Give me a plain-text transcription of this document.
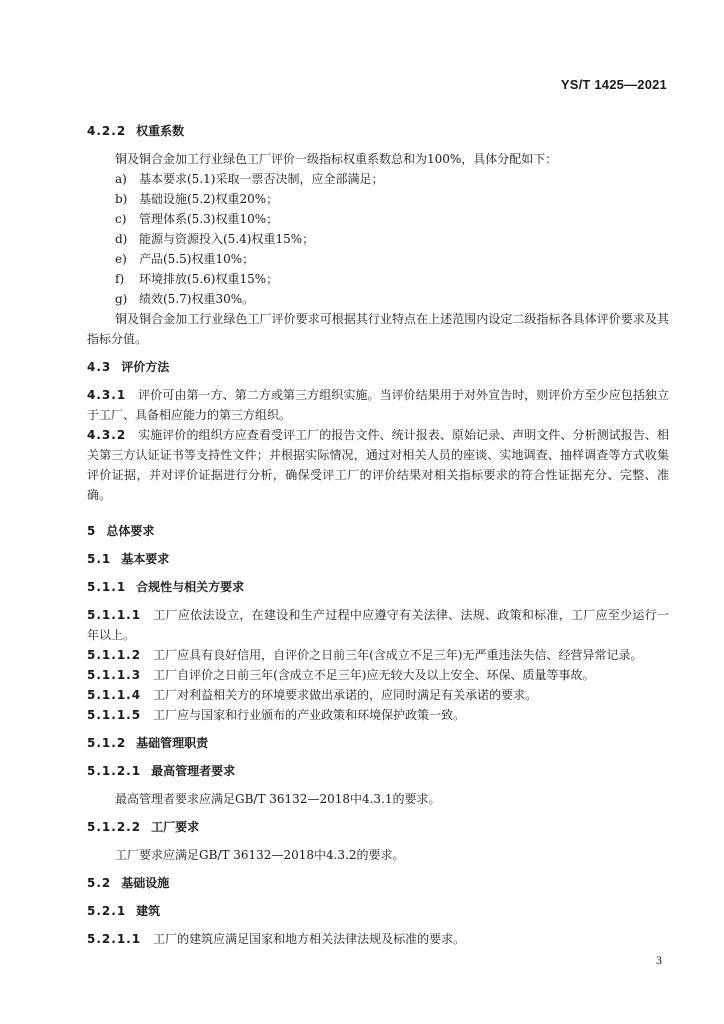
YS/T 1425—2021
4.2.2 权重系数

铜及铜合金加工行业绿色工厂评价一级指标权重系数总和为100%，具体分配如下：

a) 基本要求(5.1)采取一票否决制，应全部满足；
b) 基础设施(5.2)权重20%；
c) 管理体系(5.3)权重10%；
d) 能源与资源投入(5.4)权重15%；
e) 产品(5.5)权重10%；
f) 环境排放(5.6)权重15%；
g) 绩效(5.7)权重30%。

铜及铜合金加工行业绿色工厂评价要求可根据其行业特点在上述范围内设定二级指标各具体评价要求及其指标分值。

4.3 评价方法

4.3.1 评价可由第一方、第二方或第三方组织实施。当评价结果用于对外宣告时，则评价方至少应包括独立于工厂、具备相应能力的第三方组织。

4.3.2 实施评价的组织方应查看受评工厂的报告文件、统计报表、原始记录、声明文件、分析测试报告、相关第三方认证证书等支持性文件；并根据实际情况，通过对相关人员的座谈、实地调查、抽样调查等方式收集评价证据，并对评价证据进行分析，确保受评工厂的评价结果对相关指标要求的符合性证据充分、完整、准确。

5 总体要求
5.1 基本要求
5.1.1 合规性与相关方要求

5.1.1.1 工厂应依法设立，在建设和生产过程中应遵守有关法律、法规、政策和标准，工厂应至少运行一年以上。

5.1.1.2 工厂应具有良好信用，自评价之日前三年(含成立不足三年)无严重违法失信、经营异常记录。

5.1.1.3 工厂自评价之日前三年(含成立不足三年)应无较大及以上安全、环保、质量等事故。

5.1.1.4 工厂对利益相关方的环境要求做出承诺的，应同时满足有关承诺的要求。

5.1.1.5 工厂应与国家和行业颁布的产业政策和环境保护政策一致。

5.1.2 基础管理职责
5.1.2.1 最高管理者要求

最高管理者要求应满足GB/T 36132—2018中4.3.1的要求。

5.1.2.2 工厂要求

工厂要求应满足GB/T 36132—2018中4.3.2的要求。

5.2 基础设施
5.2.1 建筑

5.2.1.1 工厂的建筑应满足国家和地方相关法律法规及标准的要求。

3
